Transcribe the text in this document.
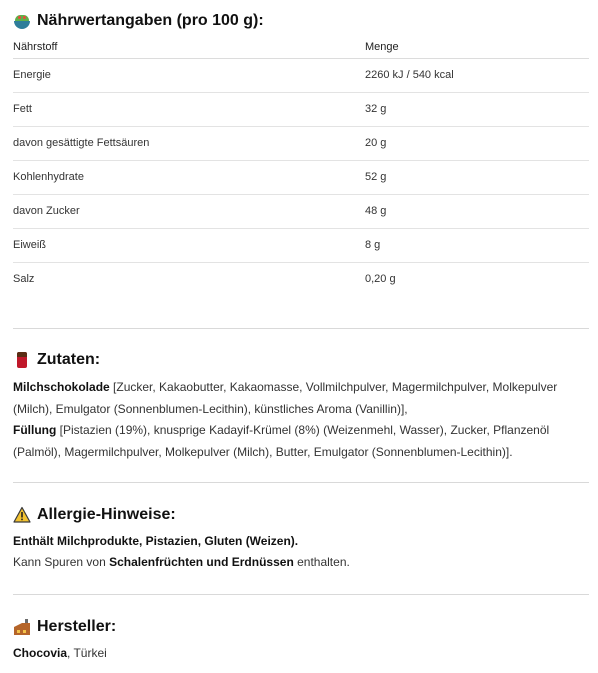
Nährwertangaben (pro 100 g):
Nährstoff	Menge
Energie	2260 kJ / 540 kcal
Fett	32 g
davon gesättigte Fettsäuren	20 g
Kohlenhydrate	52 g
davon Zucker	48 g
Eiweiß	8 g
Salz	0,20 g
Zutaten:

Milchschokolade [Zucker, Kakaobutter, Kakaomasse, Vollmilchpulver, Magermilchpulver, Molkepulver (Milch), Emulgator (Sonnenblumen-Lecithin), künstliches Aroma (Vanillin)],
Füllung [Pistazien (19%), knusprige Kadayif-Krümel (8%) (Weizenmehl, Wasser), Zucker, Pflanzenöl (Palmöl), Magermilchpulver, Molkepulver (Milch), Butter, Emulgator (Sonnenblumen-Lecithin)].

Allergie-Hinweise:

Enthält Milchprodukte, Pistazien, Gluten (Weizen).

Kann Spuren von Schalenfrüchten und Erdnüssen enthalten.

Hersteller:

Chocovia, Türkei
